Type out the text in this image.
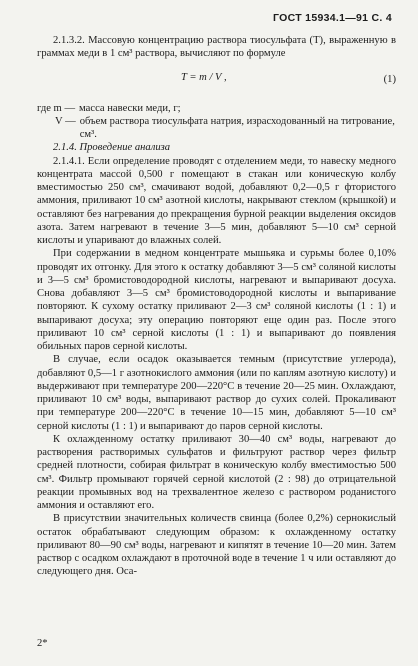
ГОСТ 15934.1—91 С. 4

2.1.3.2. Массовую концентрацию раствора тиосульфата (T), выраженную в граммах меди в 1 см³ раствора, вычисляют по формуле

T = m / V ,	(1)
где m — масса навески меди, г;
V — объем раствора тиосульфата натрия, израсходованный на титрование, см³.

2.1.4. Проведение анализа

2.1.4.1. Если определение проводят с отделением меди, то навеску медного концентрата массой 0,500 г помещают в стакан или коническую колбу вместимостью 250 см³, смачивают водой, добавляют 0,2—0,5 г фтористого аммония, приливают 10 см³ азотной кислоты, накрывают стеклом (крышкой) и оставляют без нагревания до прекращения бурной реакции выделения оксидов азота. Затем нагревают в течение 3—5 мин, добавляют 5—10 см³ серной кислоты и упаривают до влажных солей.

При содержании в медном концентрате мышьяка и сурьмы более 0,10% проводят их отгонку. Для этого к остатку добавляют 3—5 см³ соляной кислоты и 3—5 см³ бромистоводородной кислоты, нагревают и выпаривают досуха. Снова добавляют 3—5 см³ бромистоводородной кислоты и выпаривание повторяют. К сухому остатку приливают 2—3 см³ соляной кислоты (1 : 1) и выпаривают досуха; эту операцию повторяют еще один раз. После этого приливают 10 см³ серной кислоты (1 : 1) и выпаривают до появления обильных паров серной кислоты.

В случае, если осадок оказывается темным (присутствие углерода), добавляют 0,5—1 г азотнокислого аммония (или по каплям азотную кислоту) и выдерживают при температуре 200—220°С в течение 20—25 мин. Охлаждают, приливают 10 см³ воды, выпаривают раствор до сухих солей. Прокаливают при температуре 200—220°С в течение 10—15 мин, добавляют 5—10 см³ серной кислоты (1 : 1) и выпаривают до паров серной кислоты.

К охлажденному остатку приливают 30—40 см³ воды, нагревают до растворения растворимых сульфатов и фильтруют раствор через фильтр средней плотности, собирая фильтрат в коническую колбу вместимостью 500 см³. Фильтр промывают горячей серной кислотой (2 : 98) до отрицательной реакции промывных вод на трехвалентное железо с раствором роданистого аммония и оставляют его.

В присутствии значительных количеств свинца (более 0,2%) сернокислый остаток обрабатывают следующим образом: к охлажденному остатку приливают 80—90 см³ воды, нагревают и кипятят в течение 10—20 мин. Затем раствор с осадком охлаждают в проточной воде в течение 1 ч или оставляют до следующего дня. Оса-

2*
